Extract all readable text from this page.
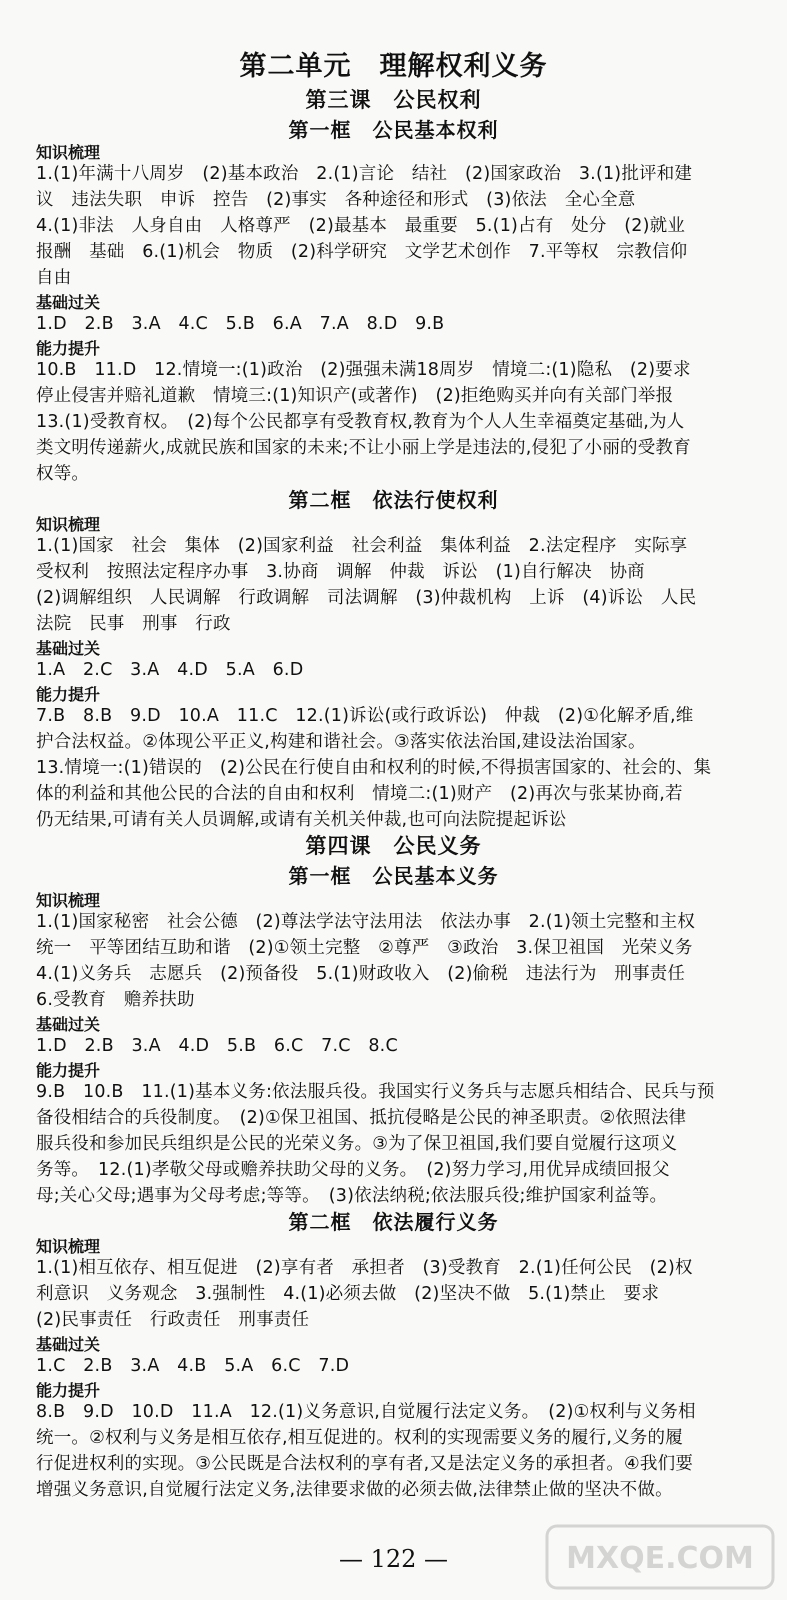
第二单元　理解权利义务
第三课　公民权利
第一框　公民基本权利
知识梳理
1.(1)年满十八周岁　(2)基本政治　2.(1)言论　结社　(2)国家政治　3.(1)批评和建
议　违法失职　申诉　控告　(2)事实　各种途径和形式　(3)依法　全心全意
4.(1)非法　人身自由　人格尊严　(2)最基本　最重要　5.(1)占有　处分　(2)就业
报酬　基础　6.(1)机会　物质　(2)科学研究　文学艺术创作　7.平等权　宗教信仰
自由
基础过关
1.D　2.B　3.A　4.C　5.B　6.A　7.A　8.D　9.B
能力提升
10.B　11.D　12.情境一:(1)政治　(2)强强未满18周岁　情境二:(1)隐私　(2)要求
停止侵害并赔礼道歉　情境三:(1)知识产(或著作)　(2)拒绝购买并向有关部门举报
13.(1)受教育权。　(2)每个公民都享有受教育权,教育为个人人生幸福奠定基础,为人
类文明传递薪火,成就民族和国家的未来;不让小丽上学是违法的,侵犯了小丽的受教育
权等。
第二框　依法行使权利
知识梳理
1.(1)国家　社会　集体　(2)国家利益　社会利益　集体利益　2.法定程序　实际享
受权利　按照法定程序办事　3.协商　调解　仲裁　诉讼　(1)自行解决　协商
(2)调解组织　人民调解　行政调解　司法调解　(3)仲裁机构　上诉　(4)诉讼　人民
法院　民事　刑事　行政
基础过关
1.A　2.C　3.A　4.D　5.A　6.D
能力提升
7.B　8.B　9.D　10.A　11.C　12.(1)诉讼(或行政诉讼)　仲裁　(2)①化解矛盾,维
护合法权益。②体现公平正义,构建和谐社会。③落实依法治国,建设法治国家。
13.情境一:(1)错误的　(2)公民在行使自由和权利的时候,不得损害国家的、社会的、集
体的利益和其他公民的合法的自由和权利　情境二:(1)财产　(2)再次与张某协商,若
仍无结果,可请有关人员调解,或请有关机关仲裁,也可向法院提起诉讼
第四课　公民义务
第一框　公民基本义务
知识梳理
1.(1)国家秘密　社会公德　(2)尊法学法守法用法　依法办事　2.(1)领土完整和主权
统一　平等团结互助和谐　(2)①领土完整　②尊严　③政治　3.保卫祖国　光荣义务
4.(1)义务兵　志愿兵　(2)预备役　5.(1)财政收入　(2)偷税　违法行为　刑事责任
6.受教育　赡养扶助
基础过关
1.D　2.B　3.A　4.D　5.B　6.C　7.C　8.C
能力提升
9.B　10.B　11.(1)基本义务:依法服兵役。我国实行义务兵与志愿兵相结合、民兵与预
备役相结合的兵役制度。　(2)①保卫祖国、抵抗侵略是公民的神圣职责。②依照法律
服兵役和参加民兵组织是公民的光荣义务。③为了保卫祖国,我们要自觉履行这项义
务等。　12.(1)孝敬父母或赡养扶助父母的义务。　(2)努力学习,用优异成绩回报父
母;关心父母;遇事为父母考虑;等等。　(3)依法纳税;依法服兵役;维护国家利益等。
第二框　依法履行义务
知识梳理
1.(1)相互依存、相互促进　(2)享有者　承担者　(3)受教育　2.(1)任何公民　(2)权
利意识　义务观念　3.强制性　4.(1)必须去做　(2)坚决不做　5.(1)禁止　要求
(2)民事责任　行政责任　刑事责任
基础过关
1.C　2.B　3.A　4.B　5.A　6.C　7.D
能力提升
8.B　9.D　10.D　11.A　12.(1)义务意识,自觉履行法定义务。　(2)①权利与义务相
统一。②权利与义务是相互依存,相互促进的。权利的实现需要义务的履行,义务的履
行促进权利的实现。③公民既是合法权利的享有者,又是法定义务的承担者。④我们要
增强义务意识,自觉履行法定义务,法律要求做的必须去做,法律禁止做的坚决不做。
— 122 —	MXQE.COM
